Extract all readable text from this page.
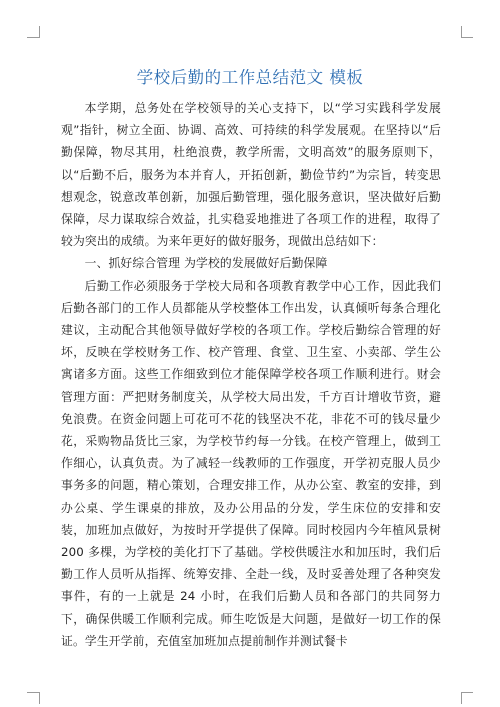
学校后勤的工作总结范文 模板

本学期，总务处在学校领导的关心支持下，以“学习实践科学发展观”指针，树立全面、协调、高效、可持续的科学发展观。在坚持以“后勤保障，物尽其用，杜绝浪费，教学所需，文明高效”的服务原则下，以“后勤不后，服务为本并育人，开拓创新，勤俭节约”为宗旨，转变思想观念，锐意改革创新，加强后勤管理，强化服务意识，坚决做好后勤保障，尽力谋取综合效益，扎实稳妥地推进了各项工作的进程，取得了较为突出的成绩。为来年更好的做好服务，现做出总结如下：

一、抓好综合管理 为学校的发展做好后勤保障

后勤工作必须服务于学校大局和各项教育教学中心工作，因此我们后勤各部门的工作人员都能从学校整体工作出发，认真倾听每条合理化建议，主动配合其他领导做好学校的各项工作。学校后勤综合管理的好坏，反映在学校财务工作、校产管理、食堂、卫生室、小卖部、学生公寓诸多方面。这些工作细致到位才能保障学校各项工作顺利进行。财会管理方面：严把财务制度关，从学校大局出发，千方百计增收节资，避免浪费。在资金问题上可花可不花的钱坚决不花，非花不可的钱尽量少花，采购物品货比三家，为学校节约每一分钱。在校产管理上，做到工作细心，认真负责。为了减轻一线教师的工作强度，开学初克服人员少事务多的问题，精心策划，合理安排工作，从办公室、教室的安排，到办公桌、学生课桌的排放，及办公用品的分发，学生床位的安排和安装，加班加点做好，为按时开学提供了保障。同时校园内今年植风景树 200 多棵，为学校的美化打下了基础。学校供暖注水和加压时，我们后勤工作人员听从指挥、统筹安排、全赴一线，及时妥善处理了各种突发事件，有的一上就是 24 小时，在我们后勤人员和各部门的共同努力下，确保供暖工作顺利完成。师生吃饭是大问题，是做好一切工作的保证。学生开学前，充值室加班加点提前制作并测试餐卡
